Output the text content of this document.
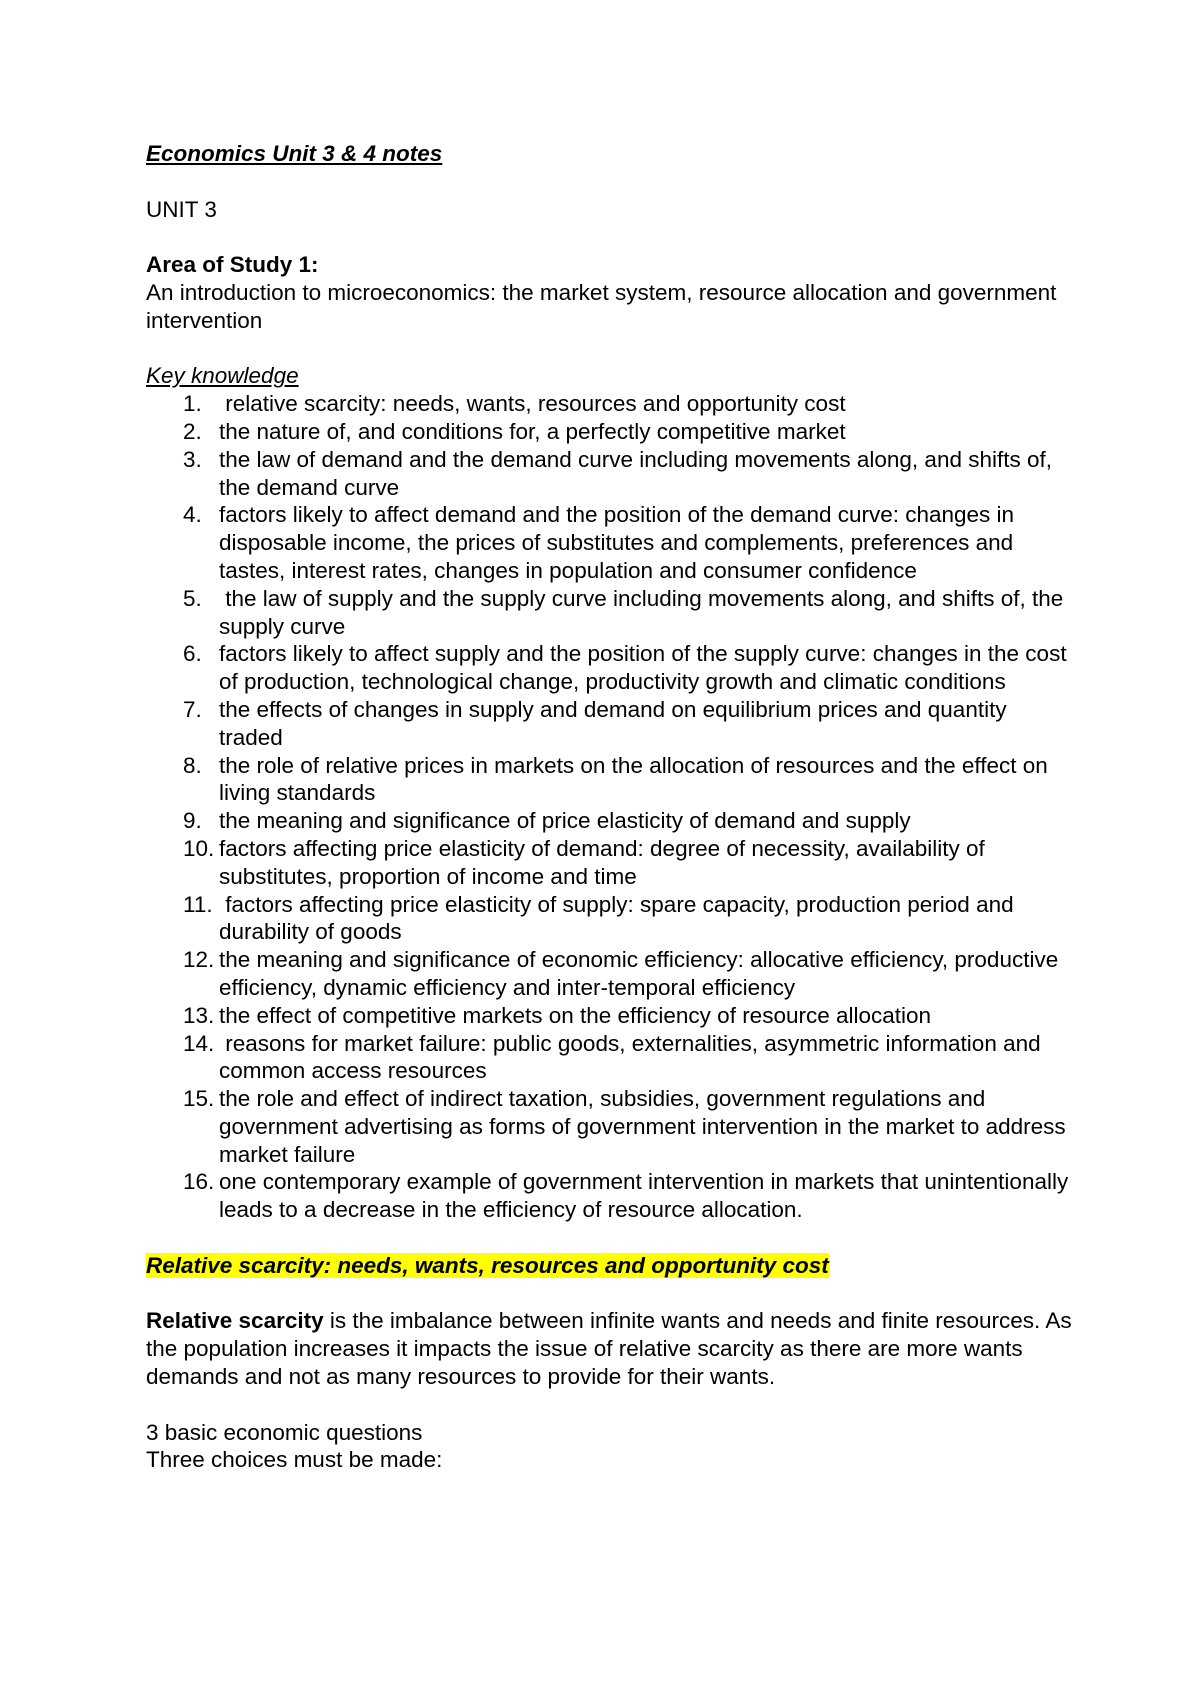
Economics Unit 3 & 4 notes

UNIT 3

Area of Study 1:

An introduction to microeconomics: the market system, resource allocation and government intervention

Key knowledge

1. relative scarcity: needs, wants, resources and opportunity cost
2. the nature of, and conditions for, a perfectly competitive market
3. the law of demand and the demand curve including movements along, and shifts of, the demand curve
4. factors likely to affect demand and the position of the demand curve: changes in disposable income, the prices of substitutes and complements, preferences and tastes, interest rates, changes in population and consumer confidence
5. the law of supply and the supply curve including movements along, and shifts of, the supply curve
6. factors likely to affect supply and the position of the supply curve: changes in the cost of production, technological change, productivity growth and climatic conditions
7. the effects of changes in supply and demand on equilibrium prices and quantity traded
8. the role of relative prices in markets on the allocation of resources and the effect on living standards
9. the meaning and significance of price elasticity of demand and supply
10. factors affecting price elasticity of demand: degree of necessity, availability of substitutes, proportion of income and time
11. factors affecting price elasticity of supply: spare capacity, production period and durability of goods
12. the meaning and significance of economic efficiency: allocative efficiency, productive efficiency, dynamic efficiency and inter-temporal efficiency
13. the effect of competitive markets on the efficiency of resource allocation
14. reasons for market failure: public goods, externalities, asymmetric information and common access resources
15. the role and effect of indirect taxation, subsidies, government regulations and government advertising as forms of government intervention in the market to address market failure
16. one contemporary example of government intervention in markets that unintentionally leads to a decrease in the efficiency of resource allocation.

Relative scarcity: needs, wants, resources and opportunity cost

Relative scarcity is the imbalance between infinite wants and needs and finite resources. As the population increases it impacts the issue of relative scarcity as there are more wants demands and not as many resources to provide for their wants.

3 basic economic questions

Three choices must be made:
